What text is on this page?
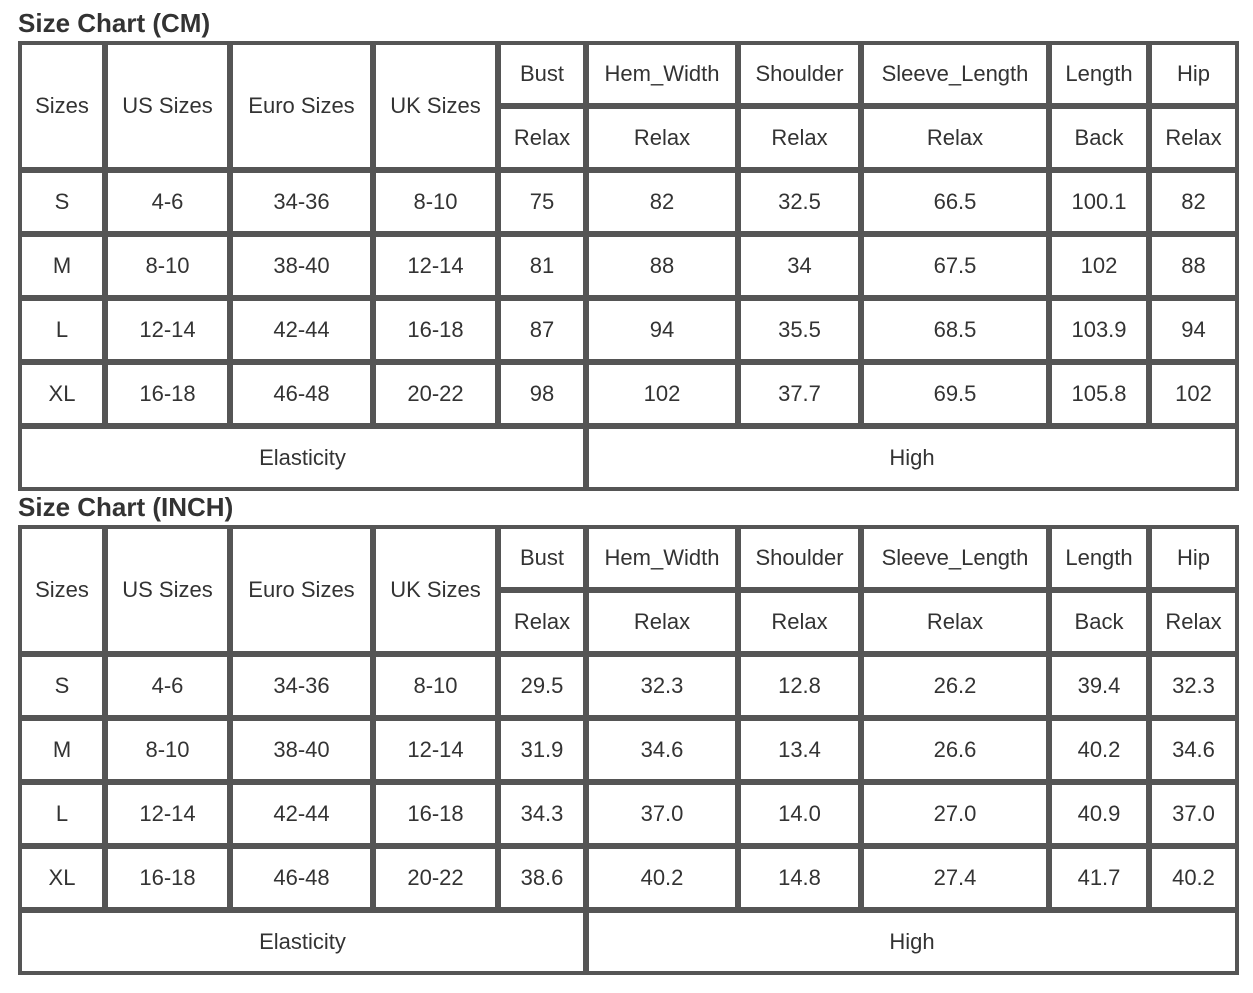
Size Chart (CM)
Sizes	US Sizes	Euro Sizes	UK Sizes	Bust	Hem_Width	Shoulder	Sleeve_Length	Length	Hip
				Relax	Relax	Relax	Relax	Back	Relax
S	4-6	34-36	8-10	75	82	32.5	66.5	100.1	82
M	8-10	38-40	12-14	81	88	34	67.5	102	88
L	12-14	42-44	16-18	87	94	35.5	68.5	103.9	94
XL	16-18	46-48	20-22	98	102	37.7	69.5	105.8	102
Elasticity					High				
Size Chart (INCH)
Sizes	US Sizes	Euro Sizes	UK Sizes	Bust	Hem_Width	Shoulder	Sleeve_Length	Length	Hip
				Relax	Relax	Relax	Relax	Back	Relax
S	4-6	34-36	8-10	29.5	32.3	12.8	26.2	39.4	32.3
M	8-10	38-40	12-14	31.9	34.6	13.4	26.6	40.2	34.6
L	12-14	42-44	16-18	34.3	37.0	14.0	27.0	40.9	37.0
XL	16-18	46-48	20-22	38.6	40.2	14.8	27.4	41.7	40.2
Elasticity					High				
